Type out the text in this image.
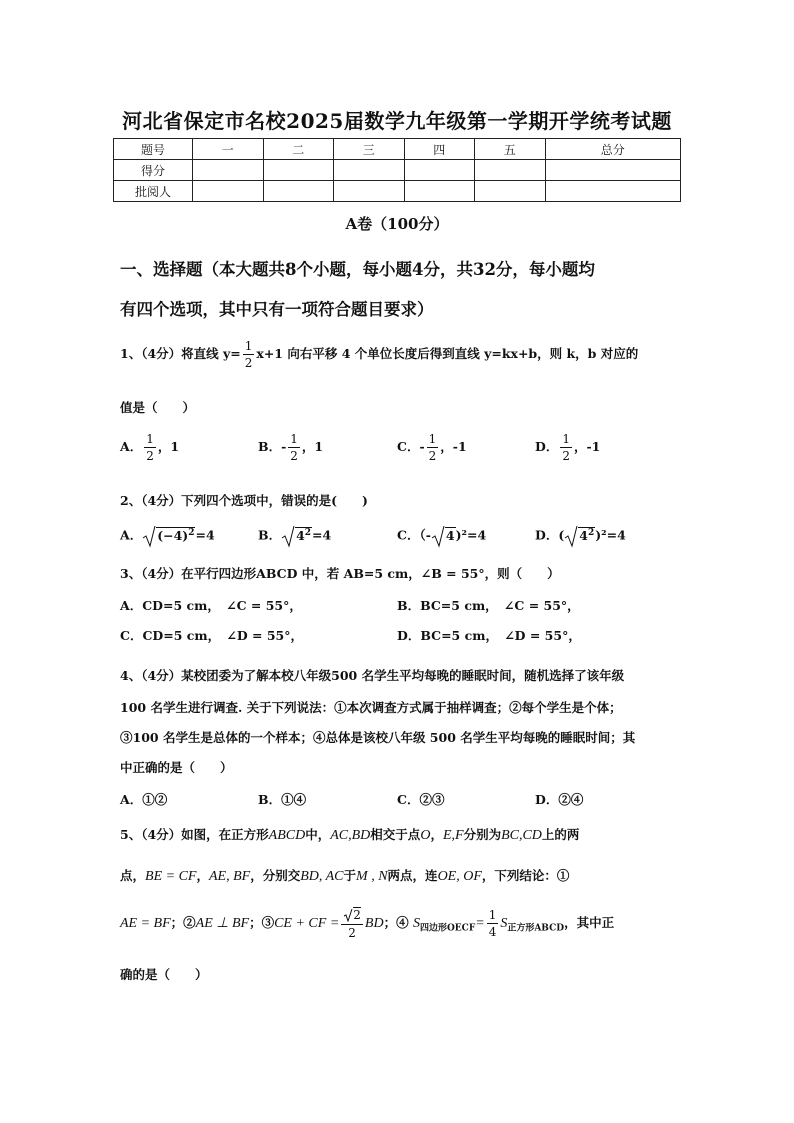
河北省保定市名校2025届数学九年级第一学期开学统考试题
题号	一	二	三	四	五	总分
得分						
批阅人						
A卷（100分）
一、选择题（本大题共8个小题，每小题4分，共32分，每小题均
有四个选项，其中只有一项符合题目要求）
1、（4分）将直线 $y= \frac{1}{2} x+1$ 向右平移 4 个单位长度后得到直线 y=kx+b，则 k，b 对应的
值是（　　）
A． $\frac{1}{2}$ ，1	B．- $\frac{1}{2}$ ，1	C．- $\frac{1}{2}$ ，-1	D． $\frac{1}{2}$ ，-1
2、（4分）下列四个选项中，错误的是(　　)
A． $(-4)^2=4$	B． $4^2=4$	C．（- 4)²=4	D．( $4^2)^2=4$
3、（4分）在平行四边形ABCD 中，若 AB=5 cm，∠B = 55°，则（　　）
A．CD=5 cm，　∠C = 55°，	B．BC=5 cm，　∠C = 55°，
C．CD=5 cm，　∠D = 55°，	D．BC=5 cm，　∠D = 55°，
4、（4分）某校团委为了解本校八年级500 名学生平均每晚的睡眠时间，随机选择了该年级
100 名学生进行调查. 关于下列说法：①本次调查方式属于抽样调查；②每个学生是个体；
③100 名学生是总体的一个样本；④总体是该校八年级 500 名学生平均每晚的睡眠时间；其
中正确的是（　　）
A．①②	B．①④	C．②③	D．②④
5、（4分）如图，在正方形ABCD中，AC,BD相交于点O，E,F分别为BC,CD上的两
点，BE = CF，AE, BF，分别交BD, AC于M , N两点，连OE, OF，下列结论：①
AE = BF；②AE ⊥ BF；③CE + CF = $\frac{2}{2}$ BD；④ $S_{四边形OECF}= \frac{1}{4} S_{正方形ABCD}$，其中正
确的是（　　）
